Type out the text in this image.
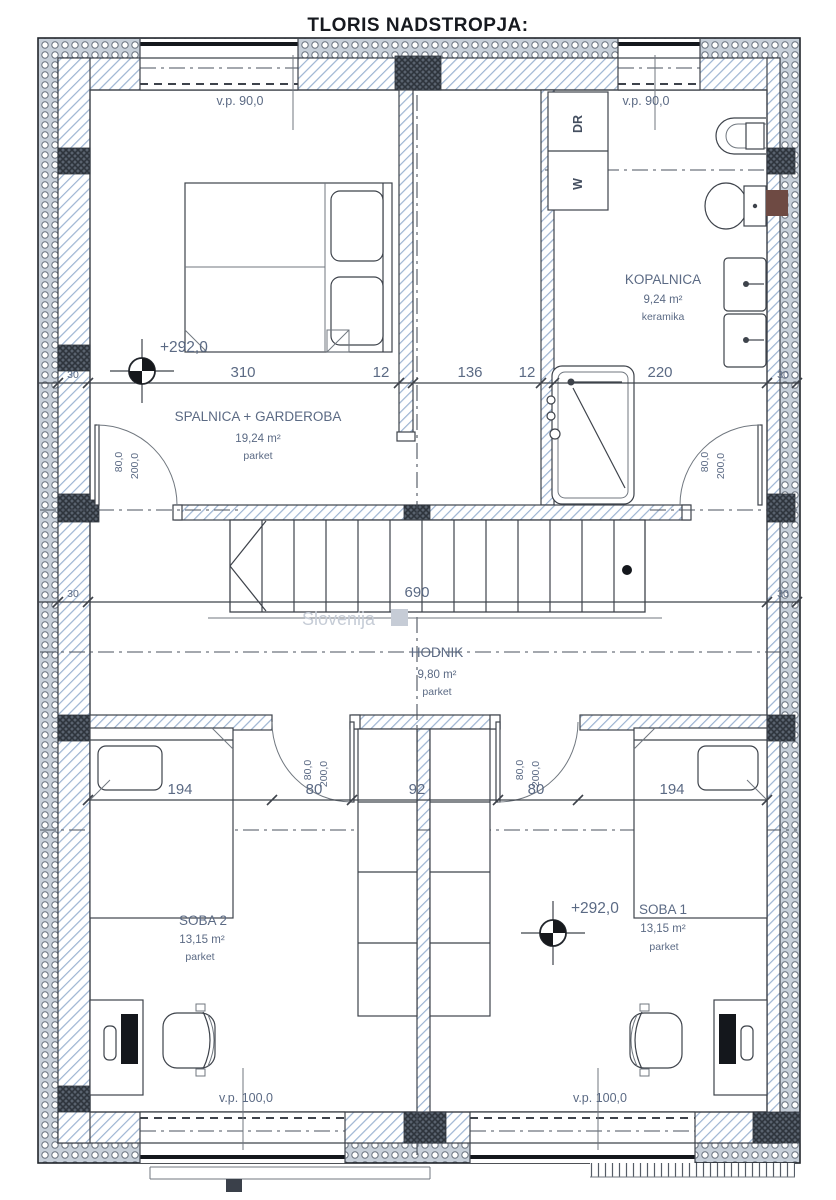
TLORIS NADSTROPJA:
Slovenija
80,0 200,0	80,0 200,0
80,0 200,0	80,0 200,0
DR
W
30	310	12	136 12	220	30
30	690	30
194	80	92	80	194
v.p. 90,0	v.p. 90,0
v.p. 100,0	v.p. 100,0
+292,0
+292,0
SPALNICA + GARDEROBA
19,24 m²
parket
KOPALNICA
9,24 m²
keramika
HODNIK
9,80 m²
parket
SOBA 2
13,15 m²
parket
SOBA 1
13,15 m²
parket
